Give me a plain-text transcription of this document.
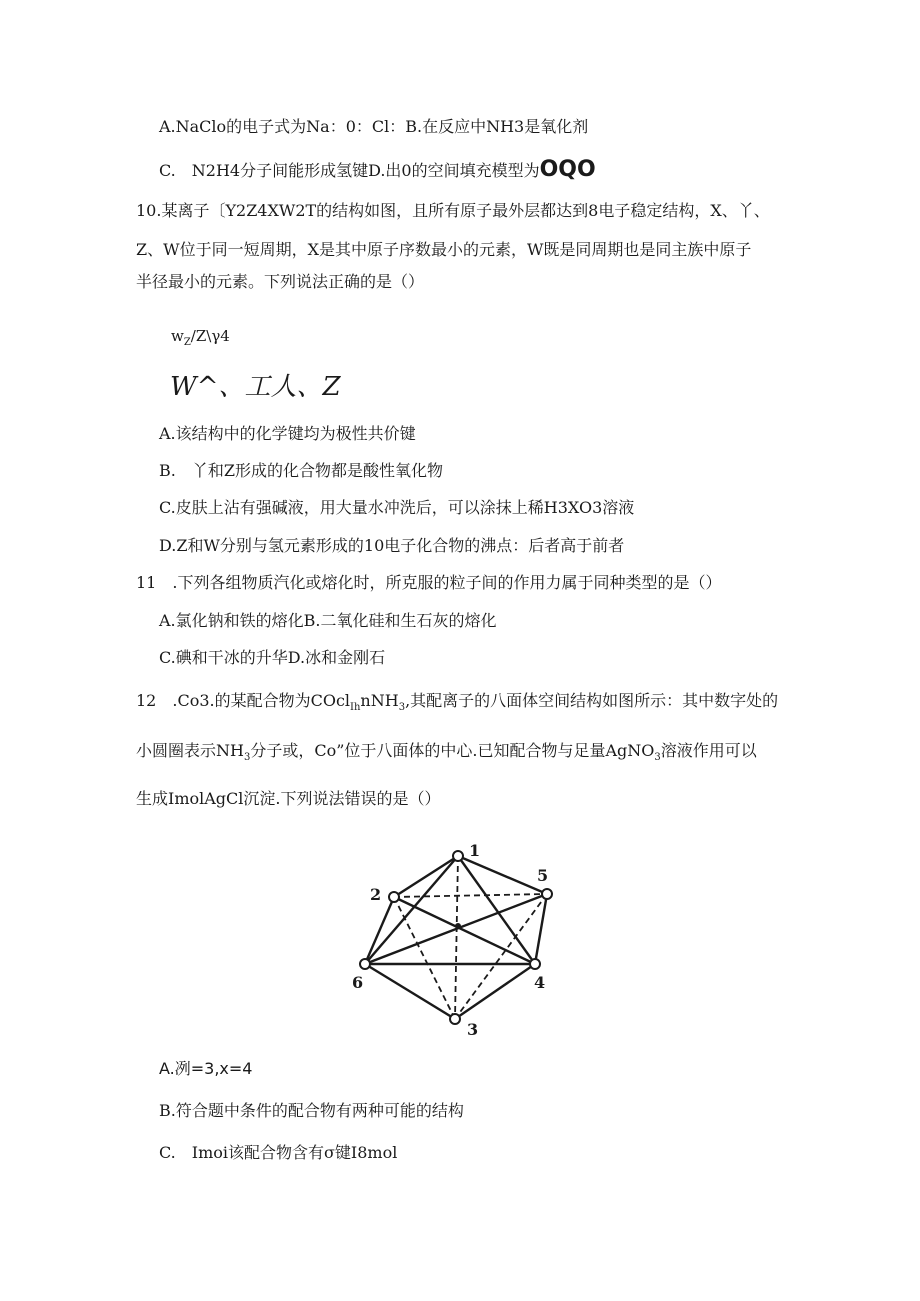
A.NaClo的电子式为Na：0：Cl：B.在反应中NH3是氧化剂
C.　N2H4分子间能形成氢键D.出0的空间填充模型为OQO
10.某离子〔Y2Z4XW2T的结构如图，且所有原子最外层都达到8电子稳定结构，X、丫、
Z、W位于同一短周期，X是其中原子序数最小的元素，W既是同周期也是同主族中原子
半径最小的元素。下列说法正确的是（）
$w_Z/Z\backslash\gamma 4$
W^、工人、Z
A.该结构中的化学键均为极性共价键
B.　丫和Z形成的化合物都是酸性氧化物
C.皮肤上沾有强碱液，用大量水冲洗后，可以涂抹上稀H3XO3溶液
D.Z和W分别与氢元素形成的10电子化合物的沸点：后者高于前者
11　.下列各组物质汽化或熔化时，所克服的粒子间的作用力属于同种类型的是（）
A.氯化钠和铁的熔化B.二氧化硅和生石灰的熔化
C.碘和干冰的升华D.冰和金刚石
12　.Co3.的某配合物为COcl$_{Ih}$nNH$_3$,其配离子的八面体空间结构如图所示：其中数字处的
小圆圈表示$NH_3$分子或，Co”位于八面体的中心.已知配合物与足量AgNO$_3$溶液作用可以
生成ImolAgCl沉淀.下列说法错误的是（）
1
2
3
4
5
6
A.冽=3,x=4
B.符合题中条件的配合物有两种可能的结构
C.　Imoi该配合物含有σ键I8mol
